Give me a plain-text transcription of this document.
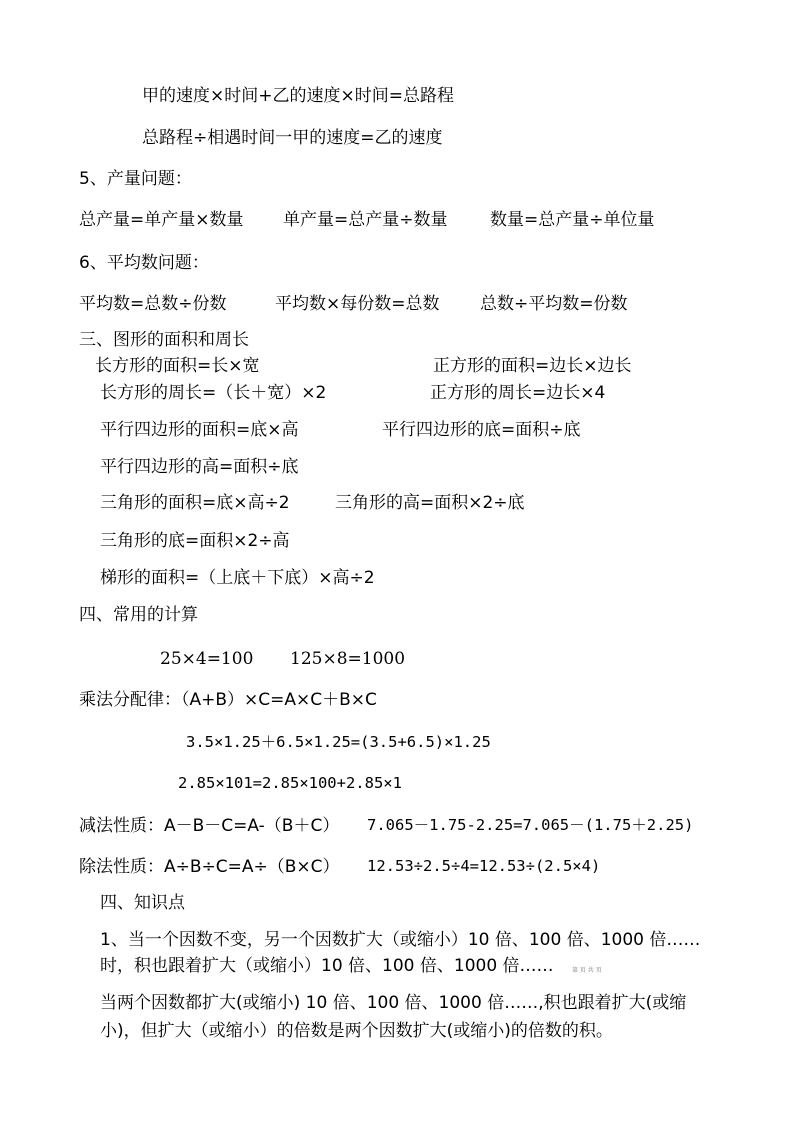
甲的速度×时间+乙的速度×时间=总路程
总路程÷相遇时间一甲的速度=乙的速度
5、产量问题：
总产量=单产量×数量 单产量=总产量÷数量	数量=总产量÷单位量
6、平均数问题：
平均数=总数÷份数	平均数×每份数=总数 总数÷平均数=份数
三、图形的面积和周长
长方形的面积=长×宽	正方形的面积=边长×边长
长方形的周长=（长＋宽）×2	正方形的周长=边长×4
平行四边形的面积=底×高	平行四边形的底=面积÷底
平行四边形的高=面积÷底
三角形的面积=底×高÷2	三角形的高=面积×2÷底
三角形的底=面积×2÷高
梯形的面积=（上底＋下底）×高÷2
四、常用的计算
25×4=100 125×8=1000
乘法分配律：（A+B）×C=A×C＋B×C
3.5×1.25＋6.5×1.25=(3.5+6.5)×1.25
2.85×101=2.85×100+2.85×1
减法性质：A－B－C=A-（B＋C） 7.065－1.75-2.25=7.065－(1.75＋2.25)
除法性质：A÷B÷C=A÷（B×C） 12.53÷2.5÷4=12.53÷(2.5×4)
四、知识点
1、当一个因数不变，另一个因数扩大（或缩小）10 倍、100 倍、1000 倍……
时，积也跟着扩大（或缩小）10 倍、100 倍、1000 倍……	第 页 共 页
当两个因数都扩大(或缩小) 10 倍、100 倍、1000 倍……,积也跟着扩大(或缩
小)，但扩大（或缩小）的倍数是两个因数扩大(或缩小)的倍数的积。
